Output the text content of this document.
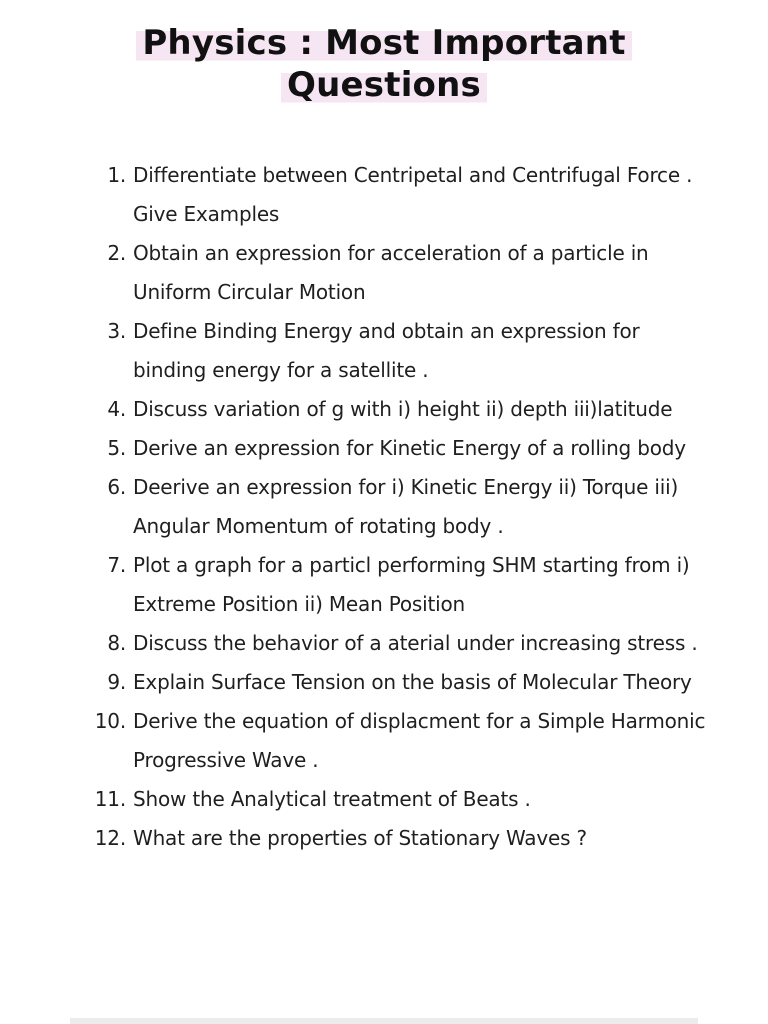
Physics : Most Important
Questions
1. Differentiate between Centripetal and Centrifugal Force . Give Examples
2. Obtain an expression for acceleration of a particle in Uniform Circular Motion
3. Define Binding Energy and obtain an expression for binding energy for a satellite .
4. Discuss variation of g with i) height ii) depth iii)latitude
5. Derive an expression for Kinetic Energy of a rolling body
6. Deerive an expression for i) Kinetic Energy ii) Torque iii) Angular Momentum of rotating body .
7. Plot a graph for a particl performing SHM starting from i) Extreme Position ii) Mean Position
8. Discuss the behavior of a aterial under increasing stress .
9. Explain Surface Tension on the basis of Molecular Theory
10. Derive the equation of displacment for a Simple Harmonic Progressive Wave .
11. Show the Analytical treatment of Beats .
12. What are the properties of Stationary Waves ?
